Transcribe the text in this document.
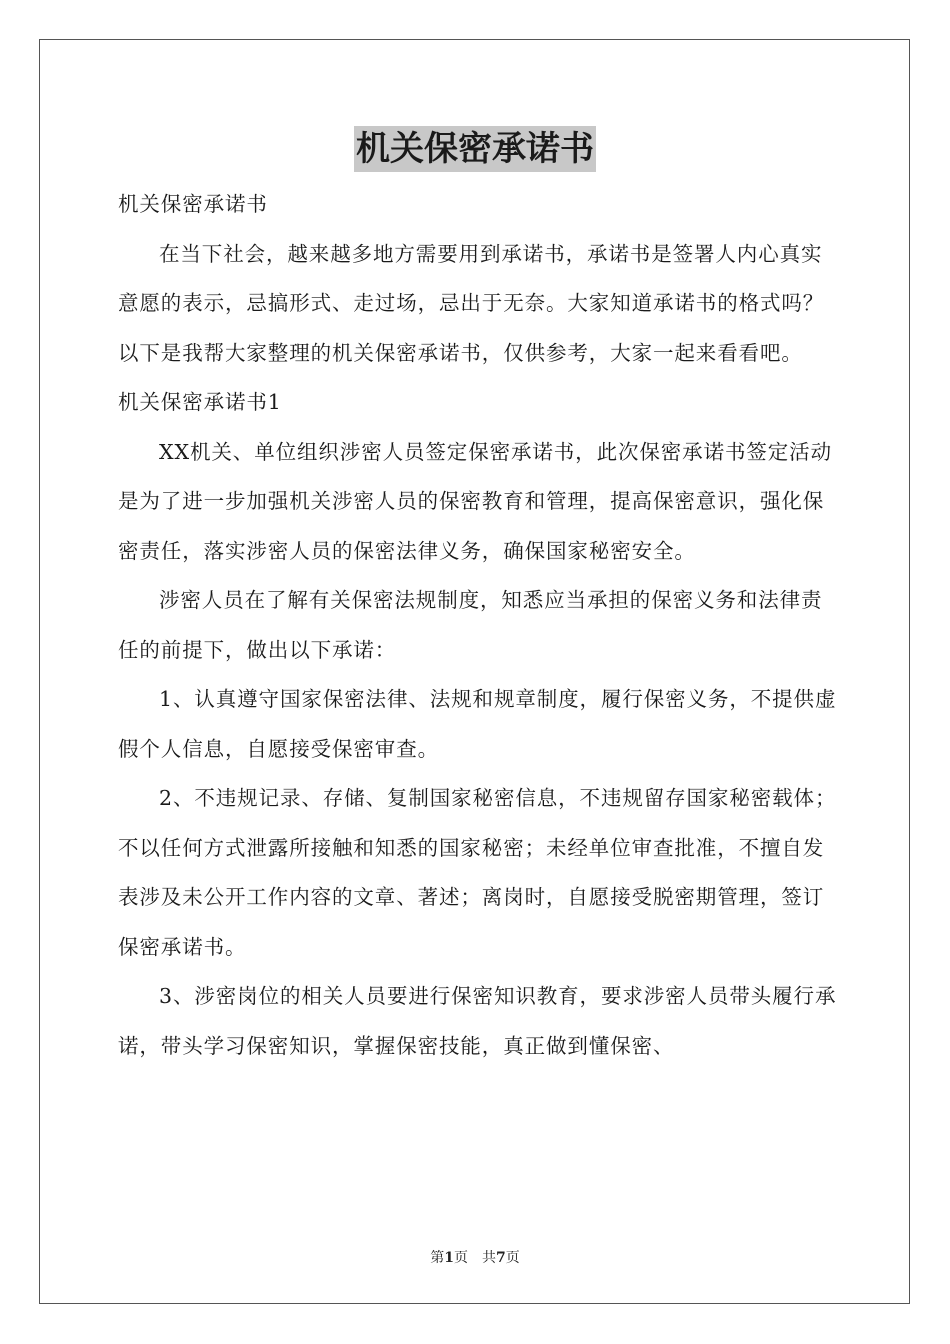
机关保密承诺书

机关保密承诺书

在当下社会，越来越多地方需要用到承诺书，承诺书是签署人内心真实意愿的表示，忌搞形式、走过场，忌出于无奈。大家知道承诺书的格式吗？以下是我帮大家整理的机关保密承诺书，仅供参考，大家一起来看看吧。

机关保密承诺书1

XX机关、单位组织涉密人员签定保密承诺书，此次保密承诺书签定活动是为了进一步加强机关涉密人员的保密教育和管理，提高保密意识，强化保密责任，落实涉密人员的保密法律义务，确保国家秘密安全。

涉密人员在了解有关保密法规制度，知悉应当承担的保密义务和法律责任的前提下，做出以下承诺：

1、认真遵守国家保密法律、法规和规章制度，履行保密义务，不提供虚假个人信息，自愿接受保密审查。

2、不违规记录、存储、复制国家秘密信息，不违规留存国家秘密载体；不以任何方式泄露所接触和知悉的国家秘密；未经单位审查批准，不擅自发表涉及未公开工作内容的文章、著述；离岗时，自愿接受脱密期管理，签订保密承诺书。

3、涉密岗位的相关人员要进行保密知识教育，要求涉密人员带头履行承诺，带头学习保密知识，掌握保密技能，真正做到懂保密、

第1页 共7页
